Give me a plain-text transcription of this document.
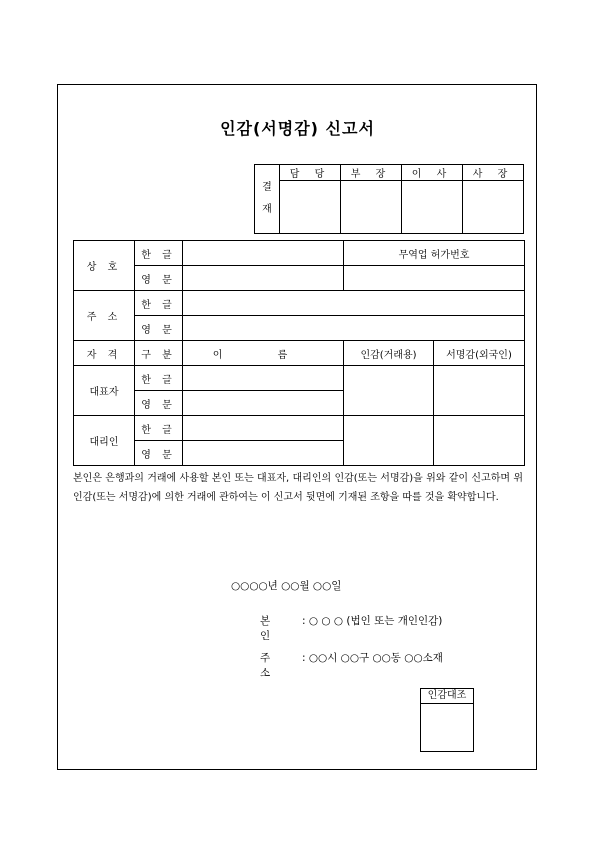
인감(서명감) 신고서
결
재	담 당	부 장	이 사	사 장

상 호	한 글		무역업 허가번호	
	영 문			
주 소	한 글			
	영 문			
자 격	구 분	이 름	인감(거래용)	서명감(외국인)
대표자	한 글			
	영 문			
대리인	한 글			
	영 문			
본인은 은행과의 거래에 사용할 본인 또는 대표자, 대리인의 인감(또는 서명감)을 위와 같이 신고하며 위 인감(또는 서명감)에 의한 거래에 관하여는 이 신고서 뒷면에 기재된 조항을 따를 것을 확약합니다.
○○○○년 ○○월 ○○일
본 인
: ○ ○ ○ (법인 또는 개인인감)
주 소
: ○○시 ○○구 ○○동 ○○소재
인감대조
